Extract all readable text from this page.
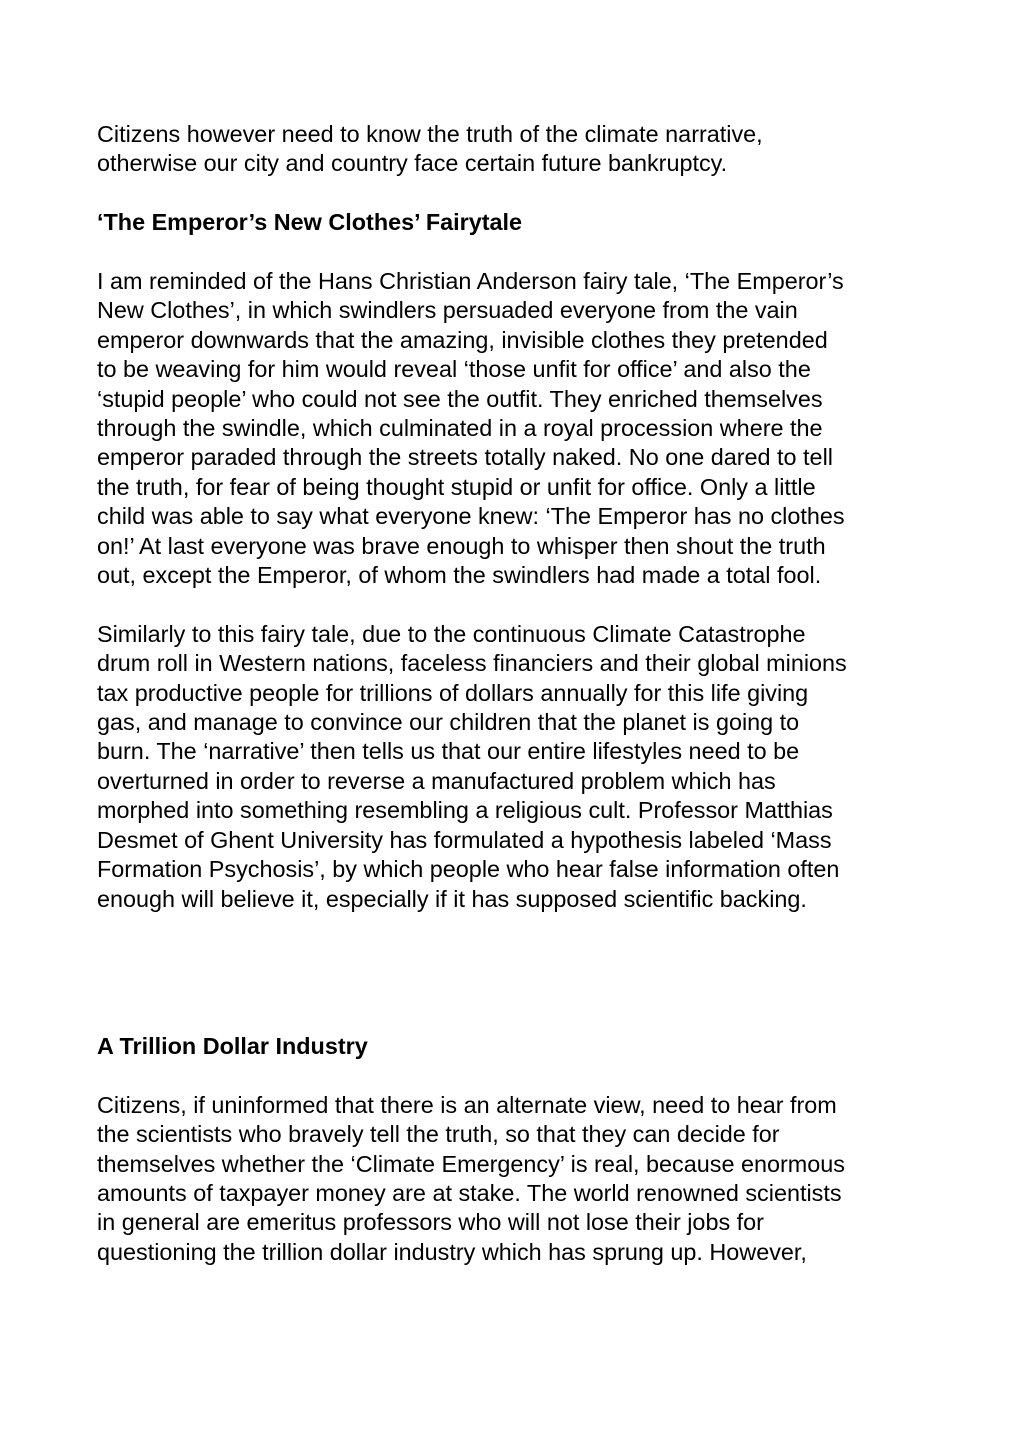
Citizens however need to know the truth of the climate narrative,
otherwise our city and country face certain future bankruptcy.

‘The Emperor’s New Clothes’ Fairytale

I am reminded of the Hans Christian Anderson fairy tale, ‘The Emperor’s
New Clothes’, in which swindlers persuaded everyone from the vain
emperor downwards that the amazing, invisible clothes they pretended
to be weaving for him would reveal ‘those unfit for office’ and also the
‘stupid people’ who could not see the outfit. They enriched themselves
through the swindle, which culminated in a royal procession where the
emperor paraded through the streets totally naked. No one dared to tell
the truth, for fear of being thought stupid or unfit for office. Only a little
child was able to say what everyone knew: ‘The Emperor has no clothes
on!’ At last everyone was brave enough to whisper then shout the truth
out, except the Emperor, of whom the swindlers had made a total fool.

Similarly to this fairy tale, due to the continuous Climate Catastrophe
drum roll in Western nations, faceless financiers and their global minions
tax productive people for trillions of dollars annually for this life giving
gas, and manage to convince our children that the planet is going to
burn. The ‘narrative’ then tells us that our entire lifestyles need to be
overturned in order to reverse a manufactured problem which has
morphed into something resembling a religious cult. Professor Matthias
Desmet of Ghent University has formulated a hypothesis labeled ‘Mass
Formation Psychosis’, by which people who hear false information often
enough will believe it, especially if it has supposed scientific backing.

A Trillion Dollar Industry

Citizens, if uninformed that there is an alternate view, need to hear from
the scientists who bravely tell the truth, so that they can decide for
themselves whether the ‘Climate Emergency’ is real, because enormous
amounts of taxpayer money are at stake. The world renowned scientists
in general are emeritus professors who will not lose their jobs for
questioning the trillion dollar industry which has sprung up. However,
